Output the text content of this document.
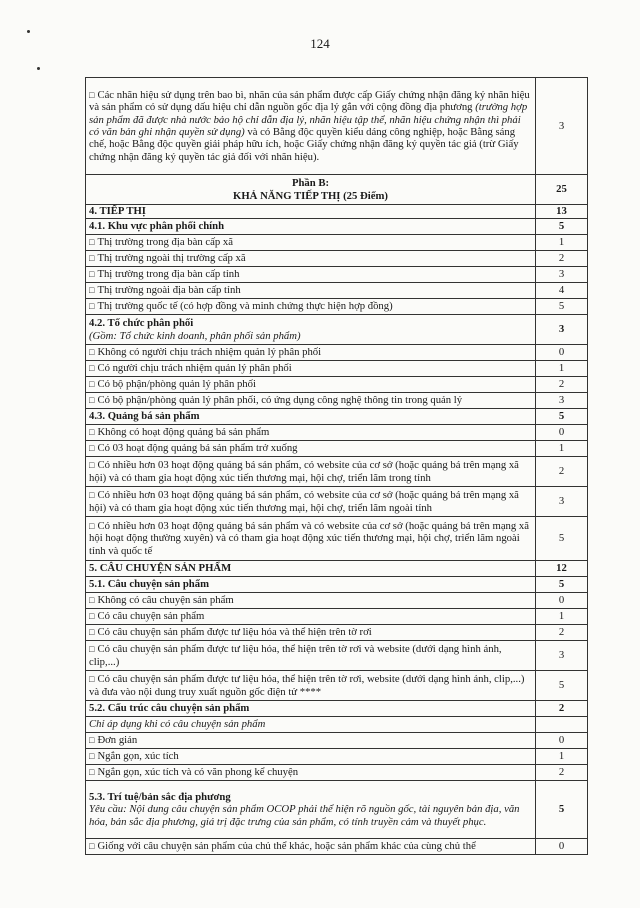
124
□ Các nhãn hiệu sử dụng trên bao bì, nhãn của sản phẩm được cấp Giấy chứng nhận đăng ký nhãn hiệu và sản phẩm có sử dụng dấu hiệu chỉ dẫn nguồn gốc địa lý gắn với cộng đồng địa phương (trường hợp sản phẩm đã được nhà nước bảo hộ chỉ dẫn địa lý, nhãn hiệu tập thể, nhãn hiệu chứng nhận thì phải có văn bản ghi nhận quyền sử dụng) và có Bằng độc quyền kiểu dáng công nghiệp, hoặc Bằng sáng chế, hoặc Bằng độc quyền giải pháp hữu ích, hoặc Giấy chứng nhận đăng ký quyền tác giả (trừ Giấy chứng nhận đăng ký quyền tác giả đối với nhãn hiệu).	3

Phần B:
KHẢ NĂNG TIẾP THỊ (25 Điểm)	25

4. TIẾP THỊ	13

4.1. Khu vực phân phối chính	5

□ Thị trường trong địa bàn cấp xã	1

□ Thị trường ngoài thị trường cấp xã	2

□ Thị trường trong địa bàn cấp tỉnh	3

□ Thị trường ngoài địa bàn cấp tỉnh	4

□ Thị trường quốc tế (có hợp đồng và minh chứng thực hiện hợp đồng)	5

4.2. Tổ chức phân phối
(Gồm: Tổ chức kinh doanh, phân phối sản phẩm)	3

□ Không có người chịu trách nhiệm quản lý phân phối	0

□ Có người chịu trách nhiệm quản lý phân phối	1

□ Có bộ phận/phòng quản lý phân phối	2

□ Có bộ phận/phòng quản lý phân phối, có ứng dụng công nghệ thông tin trong quản lý	3

4.3. Quảng bá sản phẩm	5

□ Không có hoạt động quảng bá sản phẩm	0

□ Có 03 hoạt động quảng bá sản phẩm trở xuống	1

□ Có nhiều hơn 03 hoạt động quảng bá sản phẩm, có website của cơ sở (hoặc quảng bá trên mạng xã hội) và có tham gia hoạt động xúc tiến thương mại, hội chợ, triển lãm trong tỉnh	2

□ Có nhiều hơn 03 hoạt động quảng bá sản phẩm, có website của cơ sở (hoặc quảng bá trên mạng xã hội) và có tham gia hoạt động xúc tiến thương mại, hội chợ, triển lãm ngoài tỉnh	3

□ Có nhiều hơn 03 hoạt động quảng bá sản phẩm và có website của cơ sở (hoặc quảng bá trên mạng xã hội hoạt động thường xuyên) và có tham gia hoạt động xúc tiến thương mại, hội chợ, triển lãm ngoài tỉnh và quốc tế	5

5. CÂU CHUYỆN SẢN PHẨM	12

5.1. Câu chuyện sản phẩm	5

□ Không có câu chuyện sản phẩm	0

□ Có câu chuyện sản phẩm	1

□ Có câu chuyện sản phẩm được tư liệu hóa và thể hiện trên tờ rơi	2

□ Có câu chuyện sản phẩm được tư liệu hóa, thể hiện trên tờ rơi và website (dưới dạng hình ảnh, clip,...)	3

□ Có câu chuyện sản phẩm được tư liệu hóa, thể hiện trên tờ rơi, website (dưới dạng hình ảnh, clip,...) và đưa vào nội dung truy xuất nguồn gốc điện tử ****	5

5.2. Cấu trúc câu chuyện sản phẩm	2

Chỉ áp dụng khi có câu chuyện sản phẩm	

□ Đơn giản	0

□ Ngắn gọn, xúc tích	1

□ Ngắn gọn, xúc tích và có văn phong kể chuyện	2

5.3. Trí tuệ/bản sắc địa phương
Yêu cầu: Nội dung câu chuyện sản phẩm OCOP phải thể hiện rõ nguồn gốc, tài nguyên bản địa, văn hóa, bản sắc địa phương, giá trị đặc trưng của sản phẩm, có tính truyền cảm và thuyết phục.	5

□ Giống với câu chuyện sản phẩm của chủ thể khác, hoặc sản phẩm khác của cùng chủ thể	0
